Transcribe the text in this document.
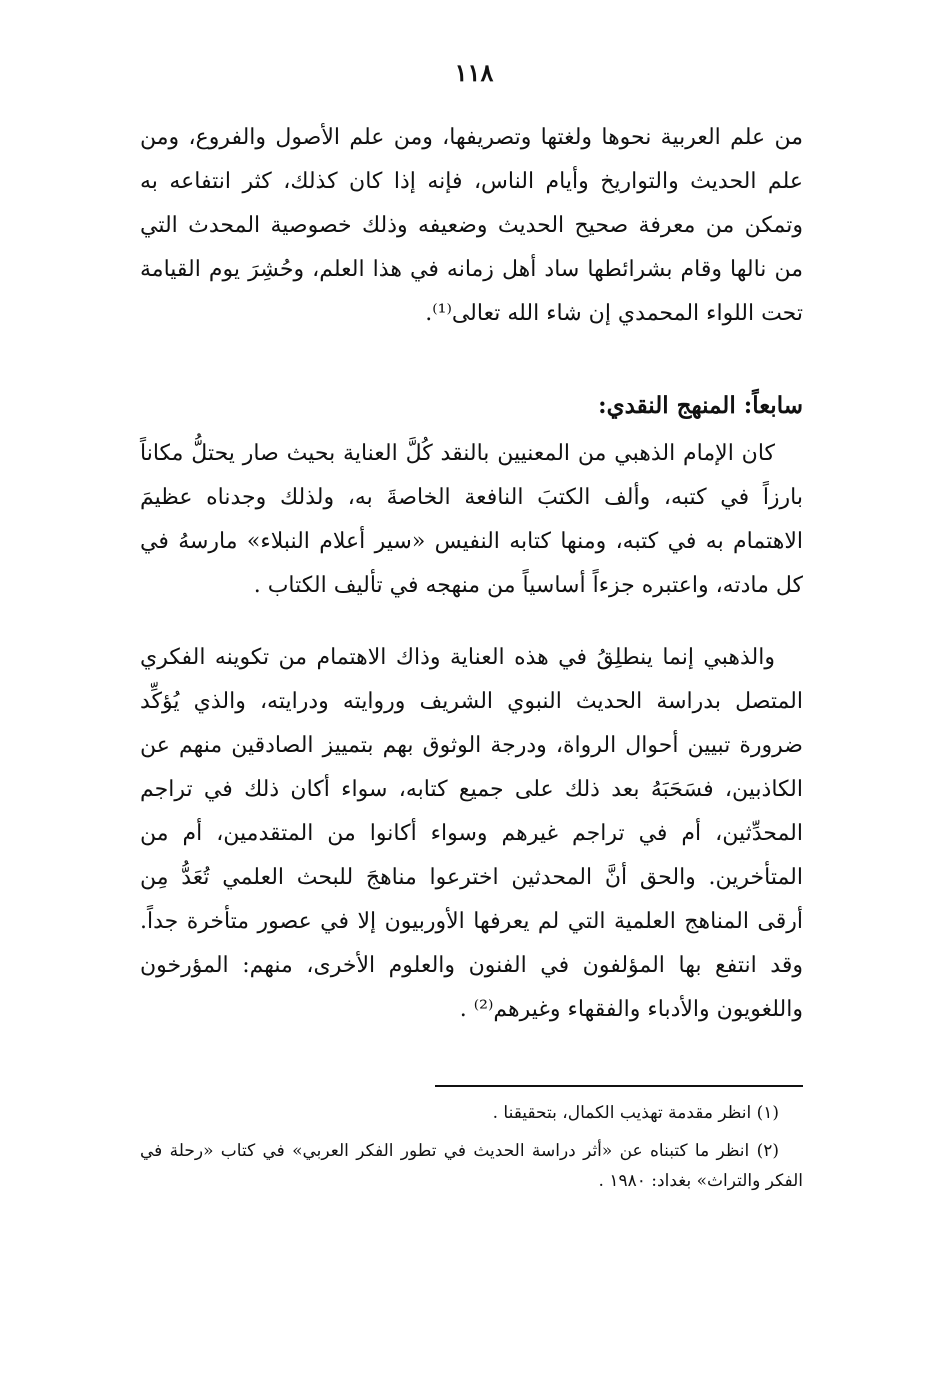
١١٨

من علم العربية نحوها ولغتها وتصريفها، ومن علم الأصول والفروع، ومن علم الحديث والتواريخ وأيام الناس، فإنه إذا كان كذلك، كثر انتفاعه به وتمكن من معرفة صحيح الحديث وضعيفه وذلك خصوصية المحدث التي من نالها وقام بشرائطها ساد أهل زمانه في هذا العلم، وحُشِرَ يوم القيامة تحت اللواء المحمدي إن شاء الله تعالى⁽¹⁾.

سابعاً: المنهج النقدي:

كان الإمام الذهبي من المعنيين بالنقد كُلَّ العناية بحيث صار يحتلُّ مكاناً بارزاً في كتبه، وألف الكتبَ النافعة الخاصةَ به، ولذلك وجدناه عظيمَ الاهتمام به في كتبه، ومنها كتابه النفيس «سير أعلام النبلاء» مارسهُ في كل مادته، واعتبره جزءاً أساسياً من منهجه في تأليف الكتاب .

والذهبي إنما ينطلِقُ في هذه العناية وذاك الاهتمام من تكوينه الفكري المتصل بدراسة الحديث النبوي الشريف وروايته ودرايته، والذي يُؤكِّد ضرورة تبيين أحوال الرواة، ودرجة الوثوق بهم بتمييز الصادقين منهم عن الكاذبين، فسَحَبَهُ بعد ذلك على جميع كتابه، سواء أكان ذلك في تراجم المحدِّثين، أم في تراجم غيرهم وسواء أكانوا من المتقدمين، أم من المتأخرين. والحق أنَّ المحدثين اخترعوا مناهجَ للبحث العلمي تُعَدُّ مِن أرقى المناهج العلمية التي لم يعرفها الأوربيون إلا في عصور متأخرة جداً. وقد انتفع بها المؤلفون في الفنون والعلوم الأخرى، منهم: المؤرخون واللغويون والأدباء والفقهاء وغيرهم⁽²⁾ .

(١) انظر مقدمة تهذيب الكمال، بتحقيقنا .

(٢) انظر ما كتبناه عن «أثر دراسة الحديث في تطور الفكر العربي» في كتاب «رحلة في الفكر والتراث» بغداد: ١٩٨٠ .
